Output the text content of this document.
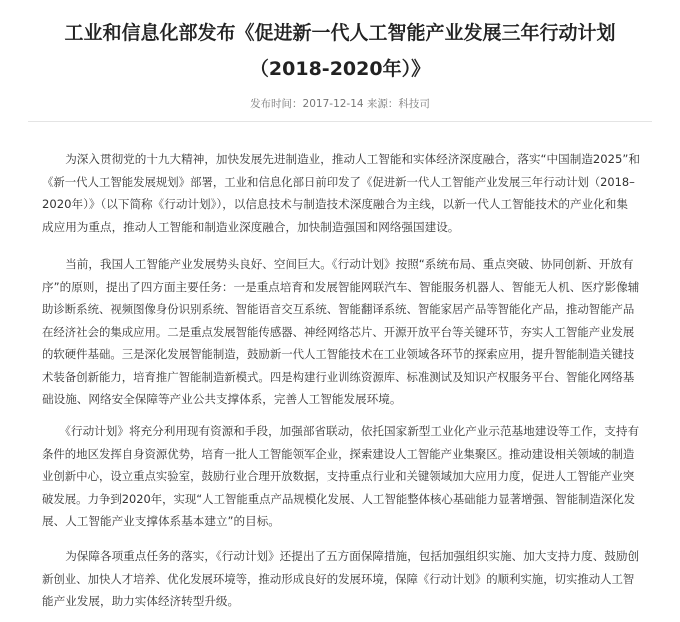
工业和信息化部发布《促进新一代人工智能产业发展三年行动计划
（2018-2020年）》
发布时间：2017-12-14 来源：科技司

　　为深入贯彻党的十九大精神，加快发展先进制造业，推动人工智能和实体经济深度融合，落实“中国制造2025”和
《新一代人工智能发展规划》部署，工业和信息化部日前印发了《促进新一代人工智能产业发展三年行动计划（2018–
2020年）》（以下简称《行动计划》），以信息技术与制造技术深度融合为主线，以新一代人工智能技术的产业化和集
成应用为重点，推动人工智能和制造业深度融合，加快制造强国和网络强国建设。

　　当前，我国人工智能产业发展势头良好、空间巨大。《行动计划》按照“系统布局、重点突破、协同创新、开放有
序”的原则，提出了四方面主要任务：一是重点培育和发展智能网联汽车、智能服务机器人、智能无人机、医疗影像辅
助诊断系统、视频图像身份识别系统、智能语音交互系统、智能翻译系统、智能家居产品等智能化产品，推动智能产品
在经济社会的集成应用。二是重点发展智能传感器、神经网络芯片、开源开放平台等关键环节，夯实人工智能产业发展
的软硬件基础。三是深化发展智能制造，鼓励新一代人工智能技术在工业领域各环节的探索应用，提升智能制造关键技
术装备创新能力，培育推广智能制造新模式。四是构建行业训练资源库、标准测试及知识产权服务平台、智能化网络基
础设施、网络安全保障等产业公共支撑体系，完善人工智能发展环境。

　　《行动计划》将充分利用现有资源和手段，加强部省联动，依托国家新型工业化产业示范基地建设等工作，支持有
条件的地区发挥自身资源优势，培育一批人工智能领军企业，探索建设人工智能产业集聚区。推动建设相关领域的制造
业创新中心，设立重点实验室，鼓励行业合理开放数据，支持重点行业和关键领域加大应用力度，促进人工智能产业突
破发展。力争到2020年，实现“人工智能重点产品规模化发展、人工智能整体核心基础能力显著增强、智能制造深化发
展、人工智能产业支撑体系基本建立”的目标。

　　为保障各项重点任务的落实，《行动计划》还提出了五方面保障措施，包括加强组织实施、加大支持力度、鼓励创
新创业、加快人才培养、优化发展环境等，推动形成良好的发展环境，保障《行动计划》的顺利实施，切实推动人工智
能产业发展，助力实体经济转型升级。
